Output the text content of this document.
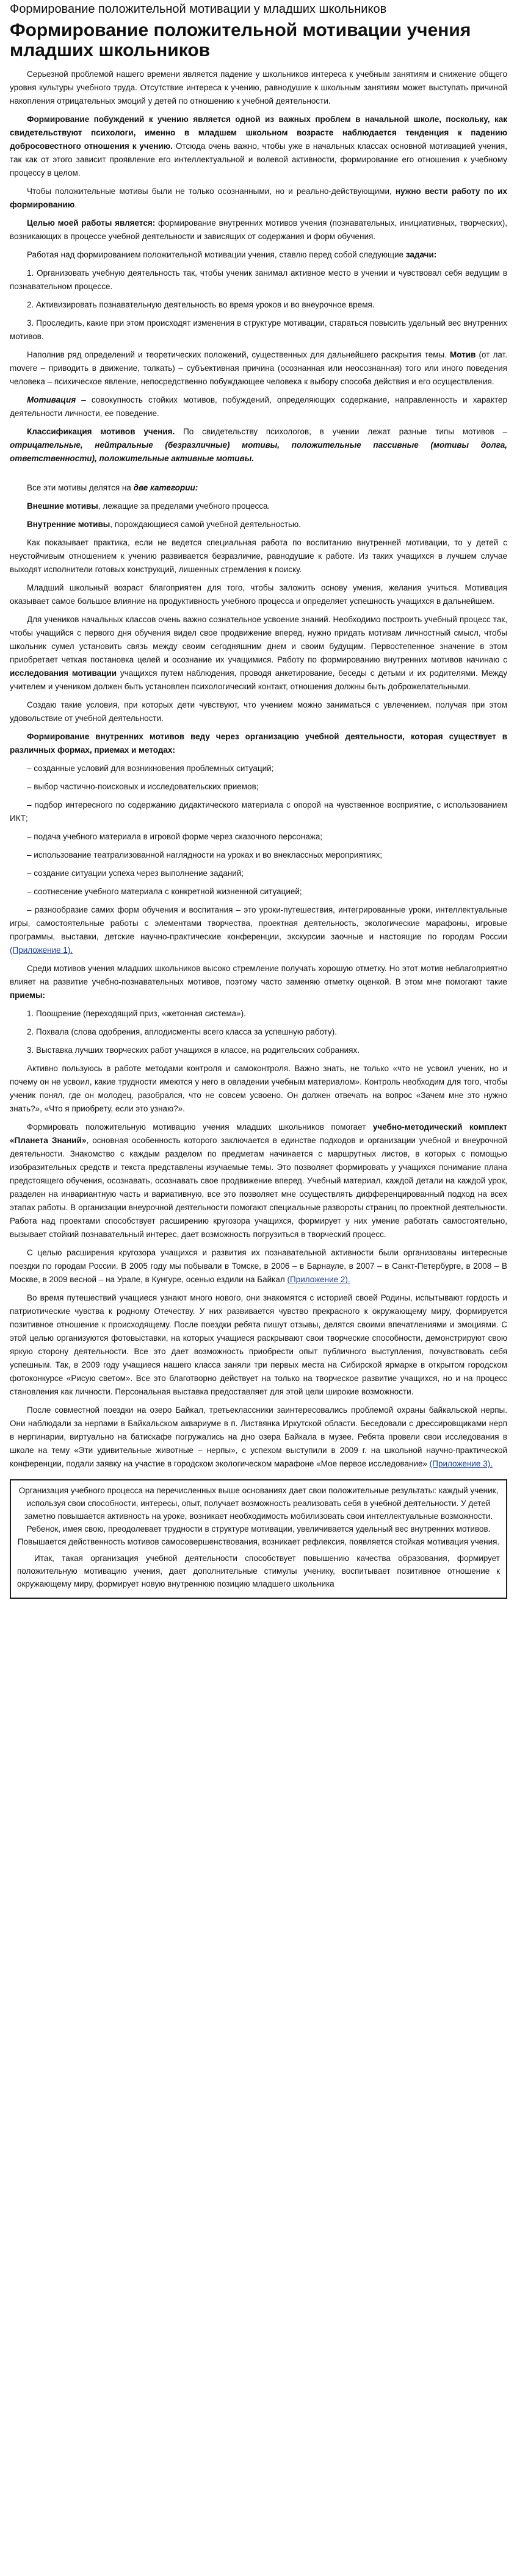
Формирование положительной мотивации у младших школьников
Формирование положительной мотивации учения младших школьников

Серьезной проблемой нашего времени является падение у школьников интереса к учебным занятиям и снижение общего уровня культуры учебного труда. Отсутствие интереса к учению, равнодушие к школьным занятиям может выступать причиной накопления отрицательных эмоций у детей по отношению к учебной деятельности.

Формирование побуждений к учению является одной из важных проблем в начальной школе, поскольку, как свидетельствуют психологи, именно в младшем школьном возрасте наблюдается тенденция к падению добросовестного отношения к учению. Отсюда очень важно, чтобы уже в начальных классах основной мотивацией учения, так как от этого зависит проявление его интеллектуальной и волевой активности, формирование его отношения к учебному процессу в целом.

Чтобы положительные мотивы были не только осознанными, но и реально-действующими, нужно вести работу по их формированию.

Целью моей работы является: формирование внутренних мотивов учения (познавательных, инициативных, творческих), возникающих в процессе учебной деятельности и зависящих от содержания и форм обучения.

Работая над формированием положительной мотивации учения, ставлю перед собой следующие задачи:

1. Организовать учебную деятельность так, чтобы ученик занимал активное место в учении и чувствовал себя ведущим в познавательном процессе.

2. Активизировать познавательную деятельность во время уроков и во внеурочное время.

3. Проследить, какие при этом происходят изменения в структуре мотивации, стараться повысить удельный вес внутренних мотивов.

Наполнив ряд определений и теоретических положений, существенных для дальнейшего раскрытия темы. Мотив (от лат. movere – приводить в движение, толкать) – субъективная причина (осознанная или неосознанная) того или иного поведения человека – психическое явление, непосредственно побуждающее человека к выбору способа действия и его осуществления.

Мотивация – совокупность стойких мотивов, побуждений, определяющих содержание, направленность и характер деятельности личности, ее поведение.

Классификация мотивов учения. По свидетельству психологов, в учении лежат разные типы мотивов – отрицательные, нейтральные (безразличные) мотивы, положительные пассивные (мотивы долга, ответственности), положительные активные мотивы.

Все эти мотивы делятся на две категории:

Внешние мотивы, лежащие за пределами учебного процесса.

Внутренние мотивы, порождающиеся самой учебной деятельностью.

Как показывает практика, если не ведется специальная работа по воспитанию внутренней мотивации, то у детей с неустойчивым отношением к учению развивается безразличие, равнодушие к работе. Из таких учащихся в лучшем случае выходят исполнители готовых конструкций, лишенных стремления к поиску.

Младший школьный возраст благоприятен для того, чтобы заложить основу умения, желания учиться. Мотивация оказывает самое большое влияние на продуктивность учебного процесса и определяет успешность учащихся в дальнейшем.

Для учеников начальных классов очень важно сознательное усвоение знаний. Необходимо построить учебный процесс так, чтобы учащийся с первого дня обучения видел свое продвижение вперед, нужно придать мотивам личностный смысл, чтобы школьник сумел установить связь между своим сегодняшним днем и своим будущим. Первостепенное значение в этом приобретает четкая постановка целей и осознание их учащимися. Работу по формированию внутренних мотивов начинаю с исследования мотивации учащихся путем наблюдения, проводя анкетирование, беседы с детьми и их родителями. Между учителем и учеником должен быть установлен психологический контакт, отношения должны быть доброжелательными.

Создаю такие условия, при которых дети чувствуют, что учением можно заниматься с увлечением, получая при этом удовольствие от учебной деятельности.

Формирование внутренних мотивов веду через организацию учебной деятельности, которая существует в различных формах, приемах и методах:

– созданные условий для возникновения проблемных ситуаций;

– выбор частично-поисковых и исследовательских приемов;

– подбор интересного по содержанию дидактического материала с опорой на чувственное восприятие, с использованием ИКТ;

– подача учебного материала в игровой форме через сказочного персонажа;

– использование театрализованной наглядности на уроках и во внеклассных мероприятиях;

– создание ситуации успеха через выполнение заданий;

– соотнесение учебного материала с конкретной жизненной ситуацией;

– разнообразие самих форм обучения и воспитания – это уроки-путешествия, интегрированные уроки, интеллектуальные игры, самостоятельные работы с элементами творчества, проектная деятельность, экологические марафоны, игровые программы, выставки, детские научно-практические конференции, экскурсии заочные и настоящие по городам России (Приложение 1).

Среди мотивов учения младших школьников высоко стремление получать хорошую отметку. Но этот мотив неблагоприятно влияет на развитие учебно-познавательных мотивов, поэтому часто заменяю отметку оценкой. В этом мне помогают такие приемы:

1. Поощрение (переходящий приз, «жетонная система»).

2. Похвала (слова одобрения, аплодисменты всего класса за успешную работу).

3. Выставка лучших творческих работ учащихся в классе, на родительских собраниях.

Активно пользуюсь в работе методами контроля и самоконтроля. Важно знать, не только «что не усвоил ученик, но и почему он не усвоил, какие трудности имеются у него в овладении учебным материалом». Контроль необходим для того, чтобы ученик понял, где он молодец, разобрался, что не совсем усвоено. Он должен отвечать на вопрос «Зачем мне это нужно знать?», «Что я приобрету, если это узнаю?».

Формировать положительную мотивацию учения младших школьников помогает учебно-методический комплект «Планета Знаний», основная особенность которого заключается в единстве подходов и организации учебной и внеурочной деятельности. Знакомство с каждым разделом по предметам начинается с маршрутных листов, в которых с помощью изобразительных средств и текста представлены изучаемые темы. Это позволяет формировать у учащихся понимание плана предстоящего обучения, осознавать, осознавать свое продвижение вперед. Учебный материал, каждой детали на каждой урок, разделен на инвариантную часть и вариативную, все это позволяет мне осуществлять дифференцированный подход на всех этапах работы. В организации внеурочной деятельности помогают специальные развороты страниц по проектной деятельности. Работа над проектами способствует расширению кругозора учащихся, формирует у них умение работать самостоятельно, вызывает стойкий познавательный интерес, дает возможность погрузиться в творческий процесс.

С целью расширения кругозора учащихся и развития их познавательной активности были организованы интересные поездки по городам России. В 2005 году мы побывали в Томске, в 2006 – в Барнауле, в 2007 – в Санкт-Петербурге, в 2008 – В Москве, в 2009 весной – на Урале, в Кунгуре, осенью ездили на Байкал (Приложение 2).

Во время путешествий учащиеся узнают много нового, они знакомятся с историей своей Родины, испытывают гордость и патриотические чувства к родному Отечеству. У них развивается чувство прекрасного к окружающему миру, формируется позитивное отношение к происходящему. После поездки ребята пишут отзывы, делятся своими впечатлениями и эмоциями. С этой целью организуются фотовыставки, на которых учащиеся раскрывают свои творческие способности, демонстрируют свою яркую сторону деятельности. Все это дает возможность приобрести опыт публичного выступления, почувствовать себя успешным. Так, в 2009 году учащиеся нашего класса заняли три первых места на Сибирской ярмарке в открытом городском фотоконкурсе «Рисую светом». Все это благотворно действует на только на творческое развитие учащихся, но и на процесс становления как личности. Персональная выставка предоставляет для этой цели широкие возможности.

После совместной поездки на озеро Байкал, третьеклассники заинтересовались проблемой охраны байкальской нерпы. Они наблюдали за нерпами в Байкальском аквариуме в п. Листвянка Иркутской области. Беседовали с дрессировщиками нерп в нерпинарии, виртуально на батискафе погружались на дно озера Байкала в музее. Ребята провели свои исследования в школе на тему «Эти удивительные животные – нерпы», с успехом выступили в 2009 г. на школьной научно-практической конференции, подали заявку на участие в городском экологическом марафоне «Мое первое исследование» (Приложение 3).

Организация учебного процесса на перечисленных выше основаниях дает свои положительные результаты: каждый ученик, используя свои способности, интересы, опыт, получает возможность реализовать себя в учебной деятельности. У детей заметно повышается активность на уроке, возникает необходимость мобилизовать свои интеллектуальные возможности. Ребенок, имея свою, преодолевает трудности в структуре мотивации, увеличивается удельный вес внутренних мотивов. Повышается действенность мотивов самосовершенствования, возникает рефлексия, появляется стойкая мотивация учения.

Итак, такая организация учебной деятельности способствует повышению качества образования, формирует положительную мотивацию учения, дает дополнительные стимулы ученику, воспитывает позитивное отношение к окружающему миру, формирует новую внутреннюю позицию младшего школьника
